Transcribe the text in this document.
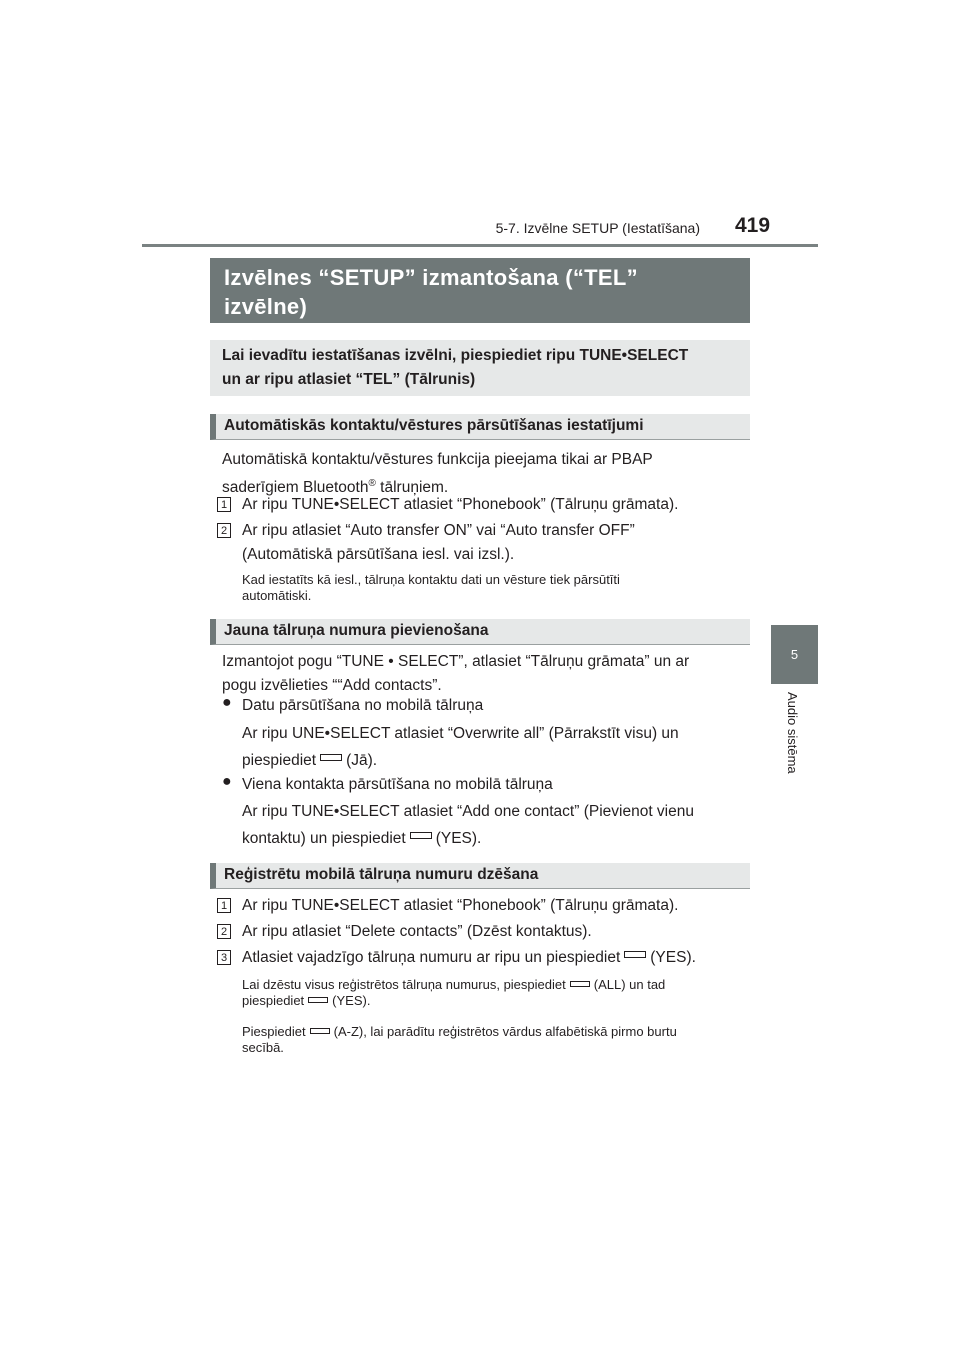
5-7. Izvēlne SETUP (Iestatīšana) 419
5
Audio sistēma
Izvēlnes “SETUP” izmantošana (“TEL”
izvēlne)
Lai ievadītu iestatīšanas izvēlni, piespiediet ripu TUNE•SELECT
un ar ripu atlasiet “TEL” (Tālrunis)
Automātiskās kontaktu/vēstures pārsūtīšanas iestatījumi
Automātiskā kontaktu/vēstures funkcija pieejama tikai ar PBAP
saderīgiem Bluetooth® tālruņiem.
1 Ar ripu TUNE•SELECT atlasiet “Phonebook” (Tālruņu grāmata).
2 Ar ripu atlasiet “Auto transfer ON” vai “Auto transfer OFF”
(Automātiskā pārsūtīšana iesl. vai izsl.).
Kad iestatīts kā iesl., tālruņa kontaktu dati un vēsture tiek pārsūtīti
automātiski.
Jauna tālruņa numura pievienošana
Izmantojot pogu “TUNE • SELECT”, atlasiet “Tālruņu grāmata” un ar
pogu izvēlieties ““Add contacts”.
● Datu pārsūtīšana no mobilā tālruņa
Ar ripu UNE•SELECT atlasiet “Overwrite all” (Pārrakstīt visu) un
piespiediet (Jā).
● Viena kontakta pārsūtīšana no mobilā tālruņa
Ar ripu TUNE•SELECT atlasiet “Add one contact” (Pievienot vienu
kontaktu) un piespiediet (YES).
Reģistrētu mobilā tālruņa numuru dzēšana
1 Ar ripu TUNE•SELECT atlasiet “Phonebook” (Tālruņu grāmata).
2 Ar ripu atlasiet “Delete contacts” (Dzēst kontaktus).
3 Atlasiet vajadzīgo tālruņa numuru ar ripu un piespiediet (YES).
Lai dzēstu visus reģistrētos tālruņa numurus, piespiediet (ALL) un tad
piespiediet (YES).
Piespiediet (A-Z), lai parādītu reģistrētos vārdus alfabētiskā pirmo burtu
secībā.
